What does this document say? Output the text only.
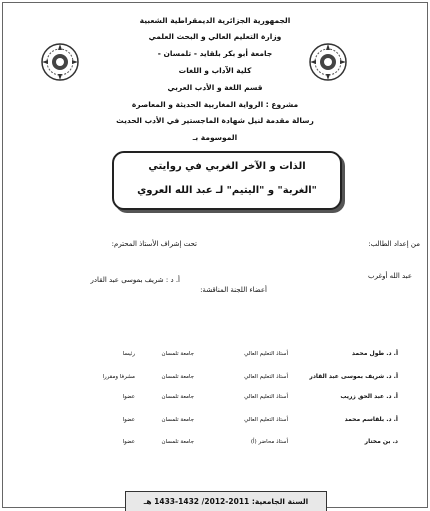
الجمهورية الجزائرية الديمقراطية الشعبية
وزارة التعليم العالي و البحث العلمي
جامعة أبو بكر بلقايد - تلمسان -
كلية الآداب و اللغات
قسم اللغة و الأدب العربي
مشروع : الرواية المغاربية الحديثة و المعاصرة
رسالة مقدمة لنيل شهادة الماجستير في الأدب الحديث
الموسومة بـ
الذات و الآخر الغربي في روايتي
"الغربة" و "اليتيم" لـ عبد الله العروي
من إعداد الطالب:
عبد الله أوغرب
تحت إشراف الأستاذ المحترم:
أ. د : شريف بموسى عبد القادر
أعضاء اللجنة المناقشة:
أ. د. طول محمد
أستاذ التعليم العالي
جامعة تلمسان
رئيسا
أ. د. شريف بموسى عبد القادر
أستاذ التعليم العالي
جامعة تلمسان
مشرفا ومقررا
أ. د. عبد الحق زريب
أستاذ التعليم العالي
جامعة تلمسان
عضوا
أ. د. بلقاسم محمد
أستاذ التعليم العالي
جامعة تلمسان
عضوا
د. بن مختار
أستاذ محاضر (أ)
جامعة تلمسان
عضوا
السنة الجامعية: 2011-2012/ 1432-1433 هـ
